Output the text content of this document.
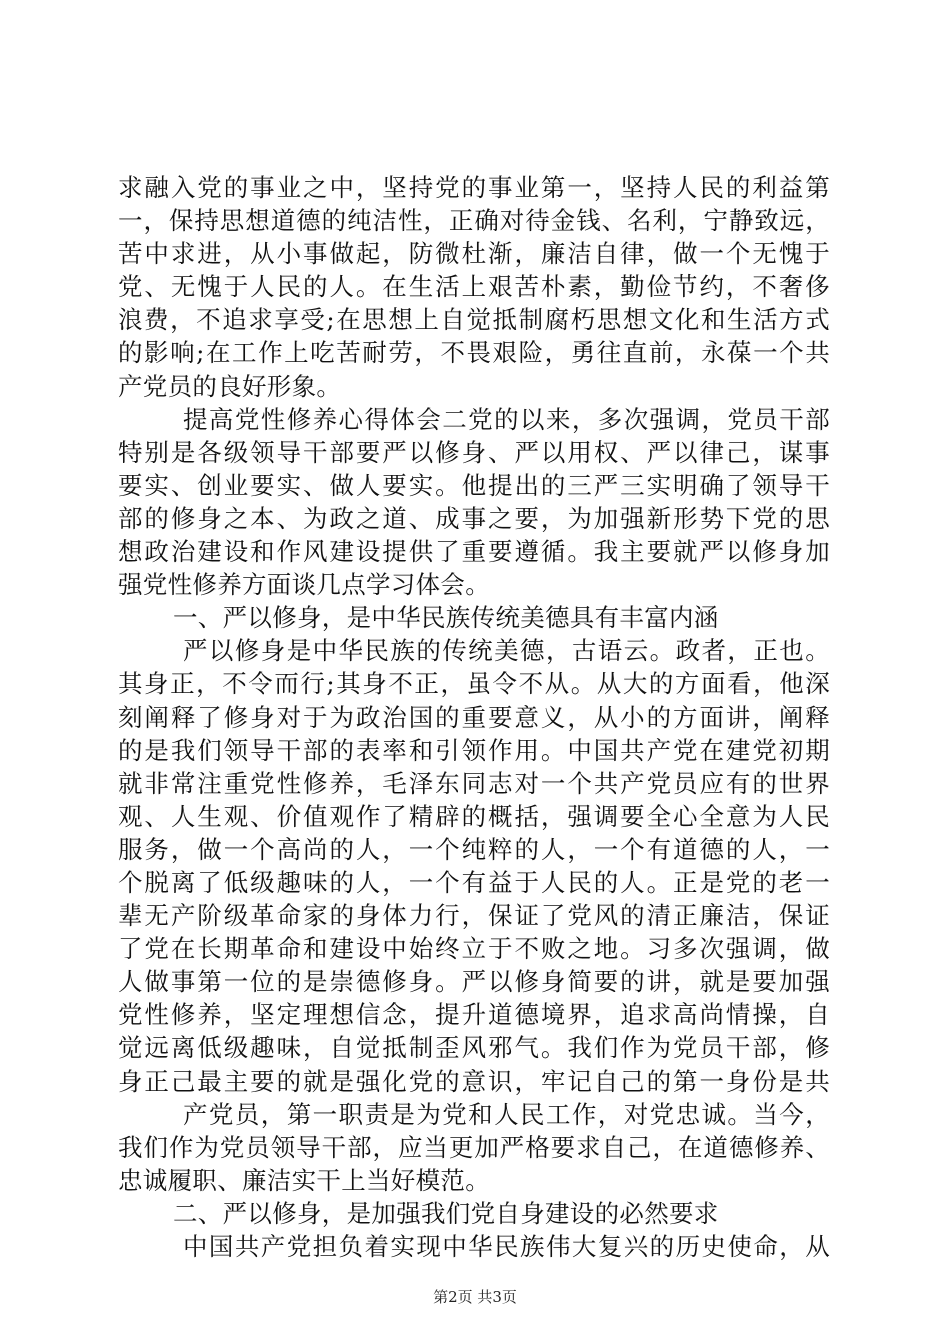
求融入党的事业之中，坚持党的事业第一，坚持人民的利益第
一，保持思想道德的纯洁性，正确对待金钱、名利，宁静致远，
苦中求进，从小事做起，防微杜渐，廉洁自律，做一个无愧于
党、无愧于人民的人。在生活上艰苦朴素，勤俭节约，不奢侈
浪费，不追求享受;在思想上自觉抵制腐朽思想文化和生活方式
的影响;在工作上吃苦耐劳，不畏艰险，勇往直前，永葆一个共
产党员的良好形象。
提高党性修养心得体会二党的以来，多次强调，党员干部
特别是各级领导干部要严以修身、严以用权、严以律己，谋事
要实、创业要实、做人要实。他提出的三严三实明确了领导干
部的修身之本、为政之道、成事之要，为加强新形势下党的思
想政治建设和作风建设提供了重要遵循。我主要就严以修身加
强党性修养方面谈几点学习体会。
一、严以修身，是中华民族传统美德具有丰富内涵
严以修身是中华民族的传统美德，古语云。政者，正也。
其身正，不令而行;其身不正，虽令不从。从大的方面看，他深
刻阐释了修身对于为政治国的重要意义，从小的方面讲，阐释
的是我们领导干部的表率和引领作用。中国共产党在建党初期
就非常注重党性修养，毛泽东同志对一个共产党员应有的世界
观、人生观、价值观作了精辟的概括，强调要全心全意为人民
服务，做一个高尚的人，一个纯粹的人，一个有道德的人，一
个脱离了低级趣味的人，一个有益于人民的人。正是党的老一
辈无产阶级革命家的身体力行，保证了党风的清正廉洁，保证
了党在长期革命和建设中始终立于不败之地。习多次强调，做
人做事第一位的是崇德修身。严以修身简要的讲，就是要加强
党性修养，坚定理想信念，提升道德境界，追求高尚情操，自
觉远离低级趣味，自觉抵制歪风邪气。我们作为党员干部，修
身正己最主要的就是强化党的意识，牢记自己的第一身份是共
产党员，第一职责是为党和人民工作，对党忠诚。当今，
我们作为党员领导干部，应当更加严格要求自己，在道德修养、
忠诚履职、廉洁实干上当好模范。
二、严以修身，是加强我们党自身建设的必然要求
中国共产党担负着实现中华民族伟大复兴的历史使命，从
第2页 共3页
